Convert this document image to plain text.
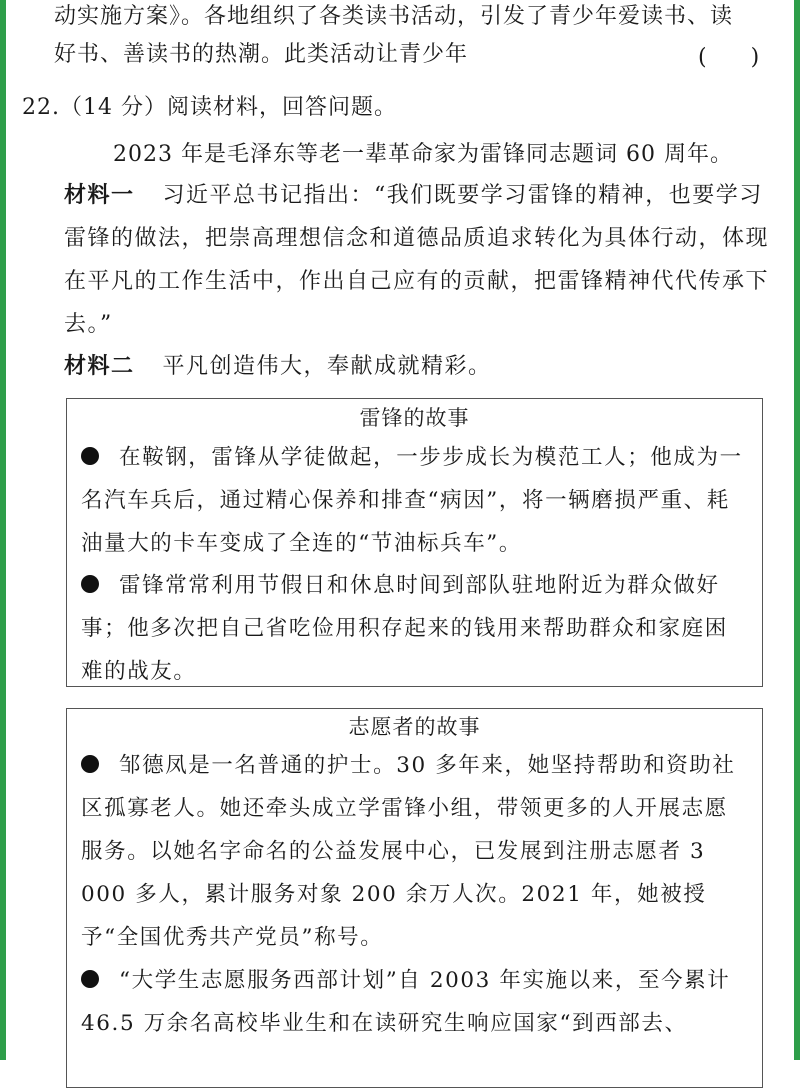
动实施方案》。各地组织了各类读书活动，引发了青少年爱读书、读
好书、善读书的热潮。此类活动让青少年	(　　)
22.（14 分）阅读材料，回答问题。
2023 年是毛泽东等老一辈革命家为雷锋同志题词 60 周年。
材料一 习近平总书记指出：“我们既要学习雷锋的精神，也要学习雷锋的做法，把崇高理想信念和道德品质追求转化为具体行动，体现在平凡的工作生活中，作出自己应有的贡献，把雷锋精神代代传承下去。”
材料二 平凡创造伟大，奉献成就精彩。
雷锋的故事
在鞍钢，雷锋从学徒做起，一步步成长为模范工人；他成为一名汽车兵后，通过精心保养和排查“病因”，将一辆磨损严重、耗油量大的卡车变成了全连的“节油标兵车”。
雷锋常常利用节假日和休息时间到部队驻地附近为群众做好事；他多次把自己省吃俭用积存起来的钱用来帮助群众和家庭困难的战友。
志愿者的故事
邹德凤是一名普通的护士。30 多年来，她坚持帮助和资助社区孤寡老人。她还牵头成立学雷锋小组，带领更多的人开展志愿服务。以她名字命名的公益发展中心，已发展到注册志愿者 3 000 多人，累计服务对象 200 余万人次。2021 年，她被授予“全国优秀共产党员”称号。
“大学生志愿服务西部计划”自 2003 年实施以来，至今累计 46.5 万余名高校毕业生和在读研究生响应国家“到西部去、
